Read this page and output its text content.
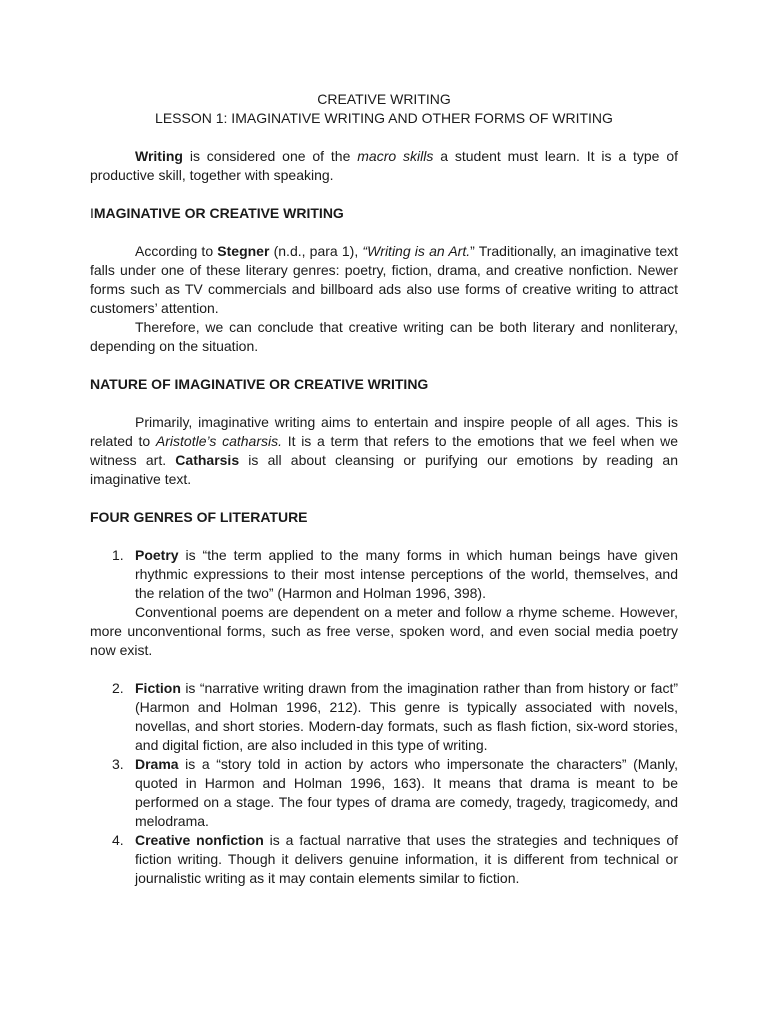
CREATIVE WRITING
LESSON 1: IMAGINATIVE WRITING AND OTHER FORMS OF WRITING

Writing is considered one of the macro skills a student must learn. It is a type of productive skill, together with speaking.

IMAGINATIVE OR CREATIVE WRITING

According to Stegner (n.d., para 1), “Writing is an Art.” Traditionally, an imaginative text falls under one of these literary genres: poetry, fiction, drama, and creative nonfiction. Newer forms such as TV commercials and billboard ads also use forms of creative writing to attract customers’ attention.

Therefore, we can conclude that creative writing can be both literary and nonliterary, depending on the situation.

NATURE OF IMAGINATIVE OR CREATIVE WRITING

Primarily, imaginative writing aims to entertain and inspire people of all ages. This is related to Aristotle’s catharsis. It is a term that refers to the emotions that we feel when we witness art. Catharsis is all about cleansing or purifying our emotions by reading an imaginative text.

FOUR GENRES OF LITERATURE
1. Poetry is “the term applied to the many forms in which human beings have given rhythmic expressions to their most intense perceptions of the world, themselves, and the relation of the two” (Harmon and Holman 1996, 398).

Conventional poems are dependent on a meter and follow a rhyme scheme. However, more unconventional forms, such as free verse, spoken word, and even social media poetry now exist.

2. Fiction is “narrative writing drawn from the imagination rather than from history or fact” (Harmon and Holman 1996, 212). This genre is typically associated with novels, novellas, and short stories. Modern-day formats, such as flash fiction, six-word stories, and digital fiction, are also included in this type of writing.
3. Drama is a “story told in action by actors who impersonate the characters” (Manly, quoted in Harmon and Holman 1996, 163). It means that drama is meant to be performed on a stage. The four types of drama are comedy, tragedy, tragicomedy, and melodrama.
4. Creative nonfiction is a factual narrative that uses the strategies and techniques of fiction writing. Though it delivers genuine information, it is different from technical or journalistic writing as it may contain elements similar to fiction.
